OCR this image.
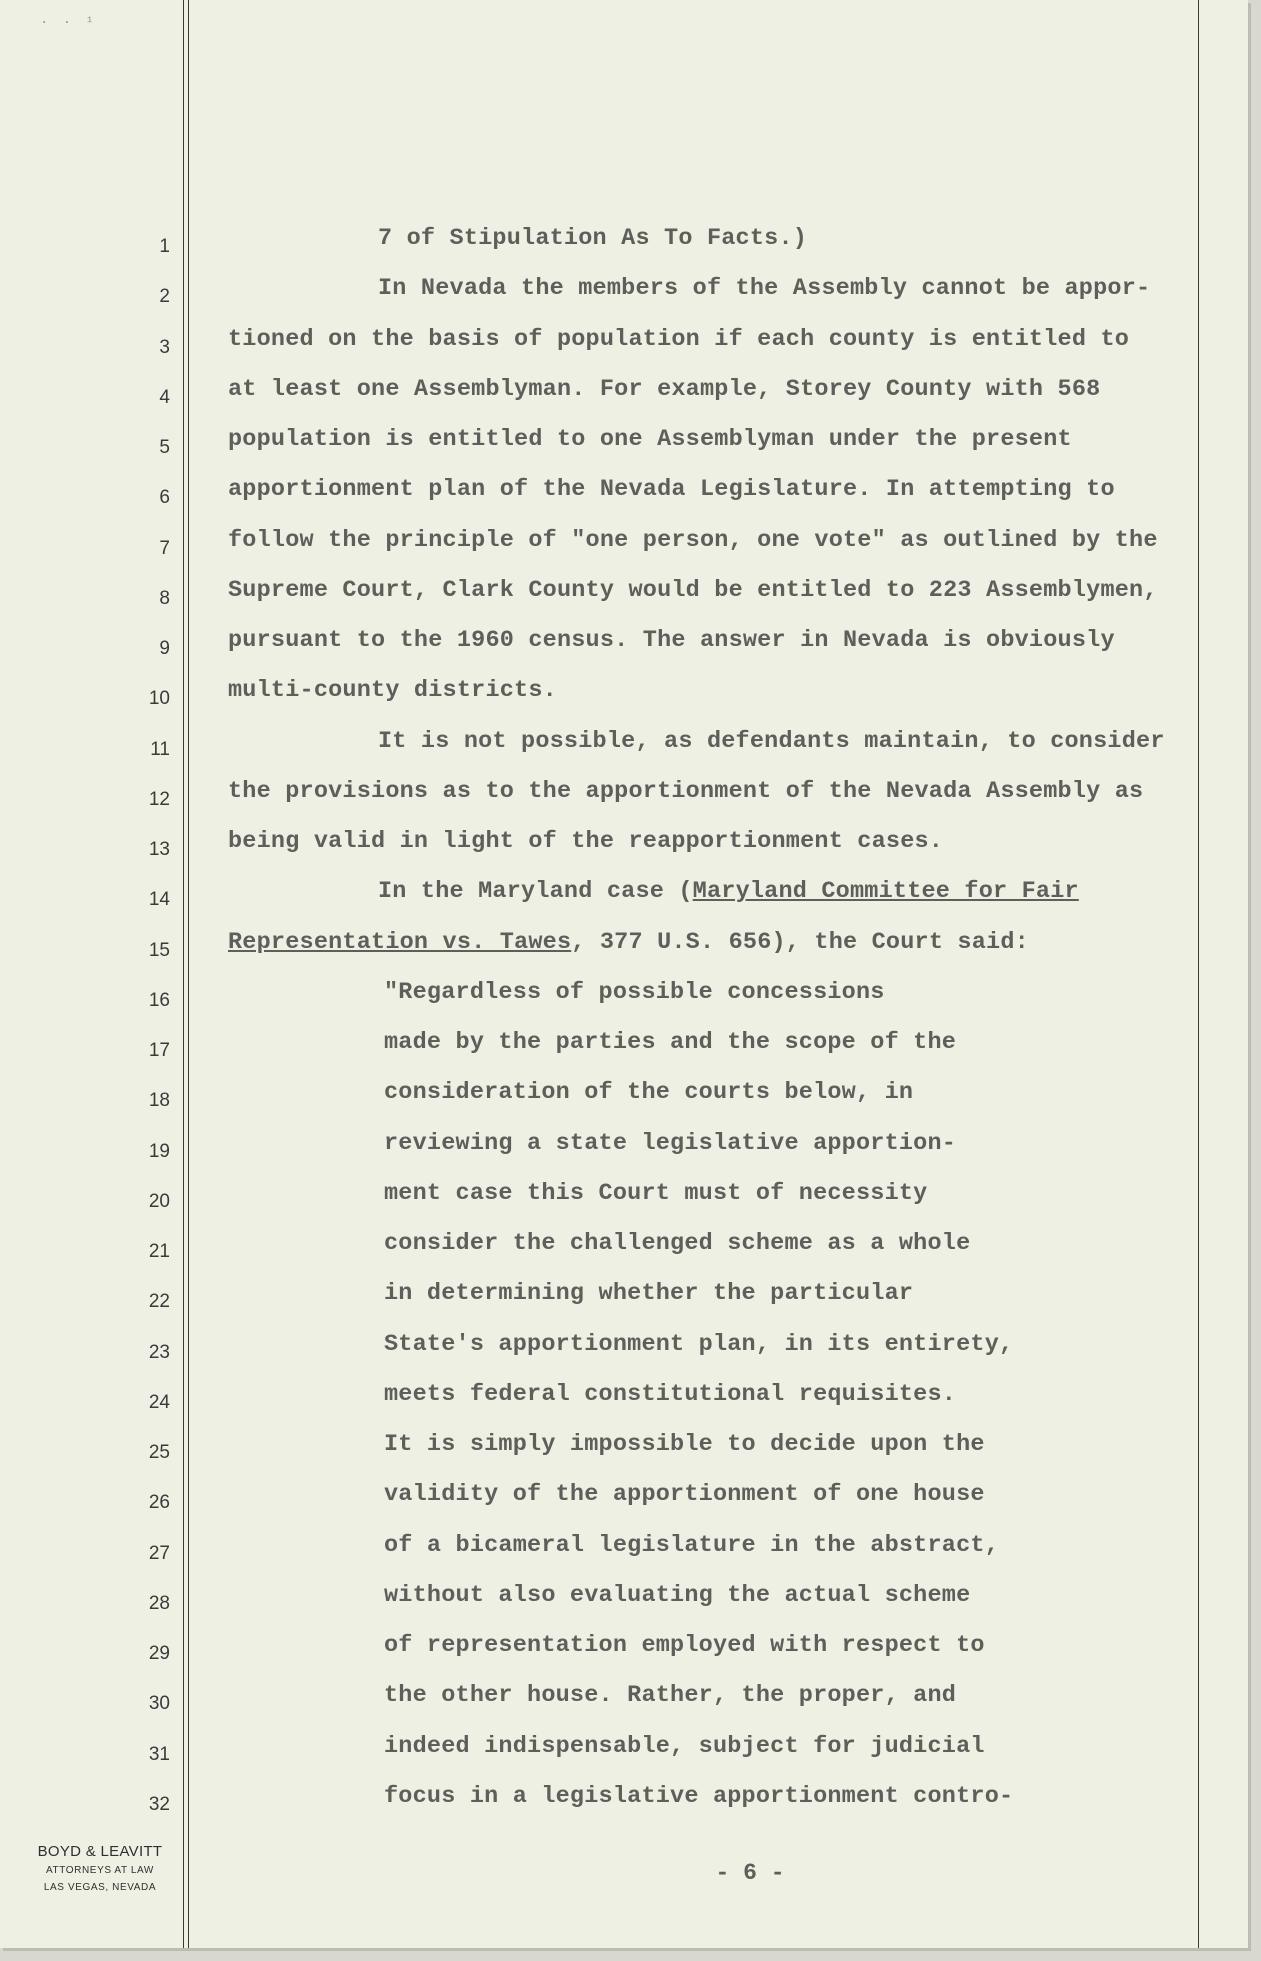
· · ¹
1
2
3
4
5
6
7
8
9
10
11
12
13
14
15
16
17
18
19
20
21
22
23
24
25
26
27
28
29
30
31
32
7 of Stipulation As To Facts.)
In Nevada the members of the Assembly cannot be appor-
tioned on the basis of population if each county is entitled to
at least one Assemblyman. For example, Storey County with 568
population is entitled to one Assemblyman under the present
apportionment plan of the Nevada Legislature. In attempting to
follow the principle of "one person, one vote" as outlined by the
Supreme Court, Clark County would be entitled to 223 Assemblymen,
pursuant to the 1960 census. The answer in Nevada is obviously
multi-county districts.
It is not possible, as defendants maintain, to consider
the provisions as to the apportionment of the Nevada Assembly as
being valid in light of the reapportionment cases.
In the Maryland case (Maryland Committee for Fair
Representation vs. Tawes, 377 U.S. 656), the Court said:
"Regardless of possible concessions
made by the parties and the scope of the
consideration of the courts below, in
reviewing a state legislative apportion-
ment case this Court must of necessity
consider the challenged scheme as a whole
in determining whether the particular
State's apportionment plan, in its entirety,
meets federal constitutional requisites.
It is simply impossible to decide upon the
validity of the apportionment of one house
of a bicameral legislature in the abstract,
without also evaluating the actual scheme
of representation employed with respect to
the other house. Rather, the proper, and
indeed indispensable, subject for judicial
focus in a legislative apportionment contro-
BOYD & LEAVITT
ATTORNEYS AT LAW
LAS VEGAS, NEVADA
- 6 -
